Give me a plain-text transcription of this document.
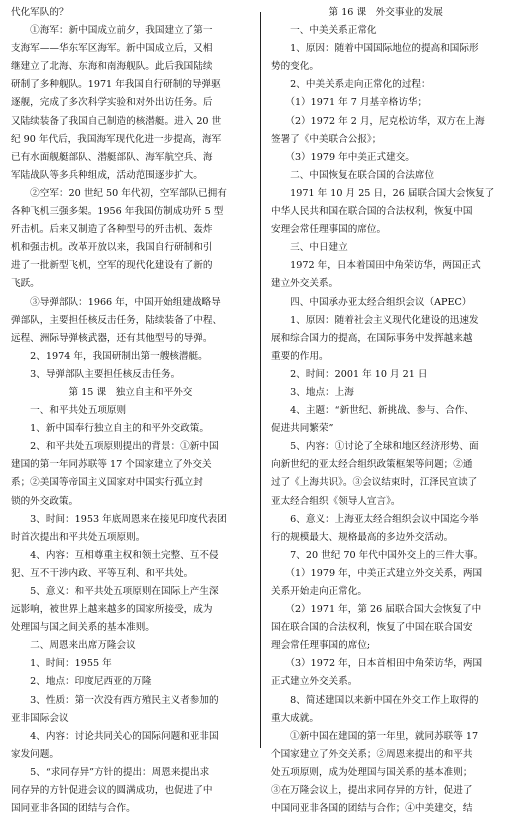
代化军队的？
　　①海军：新中国成立前夕，我国建立了第一
支海军——华东军区海军。新中国成立后，又相
继建立了北海、东海和南海舰队。此后我国陆续
研制了多种舰队。1971 年我国自行研制的导弹驱
逐舰，完成了多次科学实验和对外出访任务。后
又陆续装备了我国自己制造的核潜艇。进入 20 世
纪 90 年代后，我国海军现代化进一步提高，海军
已有水面舰艇部队、潜艇部队、海军航空兵、海
军陆战队等多兵种组成，活动范围逐步扩大。
　　②空军：20 世纪 50 年代初，空军部队已拥有
各种飞机三强多架。1956 年我国仿制成功歼 5 型
歼击机。后来又制造了各种型号的歼击机、轰炸
机和强击机。改革开放以来，我国自行研制和引
进了一批新型飞机，空军的现代化建设有了新的
飞跃。
　　③导弹部队：1966 年，中国开始组建战略导
弹部队，主要担任核反击任务，陆续装备了中程、
远程、洲际导弹核武器，还有其他型号的导弹。
　　2、1974 年，我国研制出第一艘核潜艇。
　　3、导弹部队主要担任核反击任务。
　　　　　　第 15 课　独立自主和平外交
　　一、和平共处五项原则
　　1、新中国奉行独立自主的和平外交政策。
　　2、和平共处五项原则提出的背景：①新中国
建国的第一年同苏联等 17 个国家建立了外交关
系；②美国等帝国主义国家对中国实行孤立封
锁的外交政策。
　　3、时间：1953 年底周恩来在接见印度代表团
时首次提出和平共处五项原则。
　　4、内容：互相尊重主权和领土完整、互不侵
犯、互不干涉内政、平等互利、和平共处。
　　5、意义：和平共处五项原则在国际上产生深
远影响，被世界上越来越多的国家所接受，成为
处理国与国之间关系的基本准则。
　　二、周恩来出席万隆会议
　　1、时间：1955 年
　　2、地点：印度尼西亚的万隆
　　3、性质：第一次没有西方殖民主义者参加的
亚非国际会议
　　4、内容：讨论共同关心的国际问题和亚非国
家发问题。
　　5、“求同存异”方针的提出：周恩来提出求
同存异的方针促进会议的圆满成功，也促进了中
国同亚非各国的团结与合作。
　　　　　　第 16 课　外交事业的发展
　　一、中美关系正常化
　　1、原因：随着中国国际地位的提高和国际形
势的变化。
　　2、中美关系走向正常化的过程：
　　（1）1971 年 7 月基辛格访华；
　　（2）1972 年 2 月，尼克松访华，双方在上海
签署了《中美联合公报》；
　　（3）1979 年中美正式建交。
　　二、中国恢复在联合国的合法席位
　　1971 年 10 月 25 日，26 届联合国大会恢复了
中华人民共和国在联合国的合法权利，恢复中国
安理会常任理事国的席位。
　　三、中日建立
　　1972 年，日本着国田中角荣访华，两国正式
建立外交关系。
　　四、中国承办亚太经合组织会议（APEC）
　　1、原因：随着社会主义现代化建设的迅速发
展和综合国力的提高，在国际事务中发挥越来越
重要的作用。
　　2、时间：2001 年 10 月 21 日
　　3、地点：上海
　　4、主题：“新世纪、新挑战、参与、合作、
促进共同繁荣”
　　5、内容：①讨论了全球和地区经济形势、面
向新世纪的亚太经合组织政策框架等问题；②通
过了《上海共识》。③会议结束时，江泽民宣读了
亚太经合组织《领导人宣言》。
　　6、意义：上海亚太经合组织会议中国迄今举
行的规模最大、规格最高的多边外交活动。
　　7、20 世纪 70 年代中国外交上的三件大事。
　　（1）1979 年，中美正式建立外交关系，两国
关系开始走向正常化。
　　（2）1971 年，第 26 届联合国大会恢复了中
国在联合国的合法权利，恢复了中国在联合国安
理会常任理事国的席位;
　　（3）1972 年，日本首相田中角荣访华，两国
正式建立外交关系。
　　8、简述建国以来新中国在外交工作上取得的
重大成就。
　　①新中国在建国的第一年里，就同苏联等 17
个国家建立了外交关系；②周恩来提出的和平共
处五项原则，成为处理国与国关系的基本准则；
③在万隆会议上，提出求同存异的方针，促进了
中国同亚非各国的团结与合作；④中美建交，结
